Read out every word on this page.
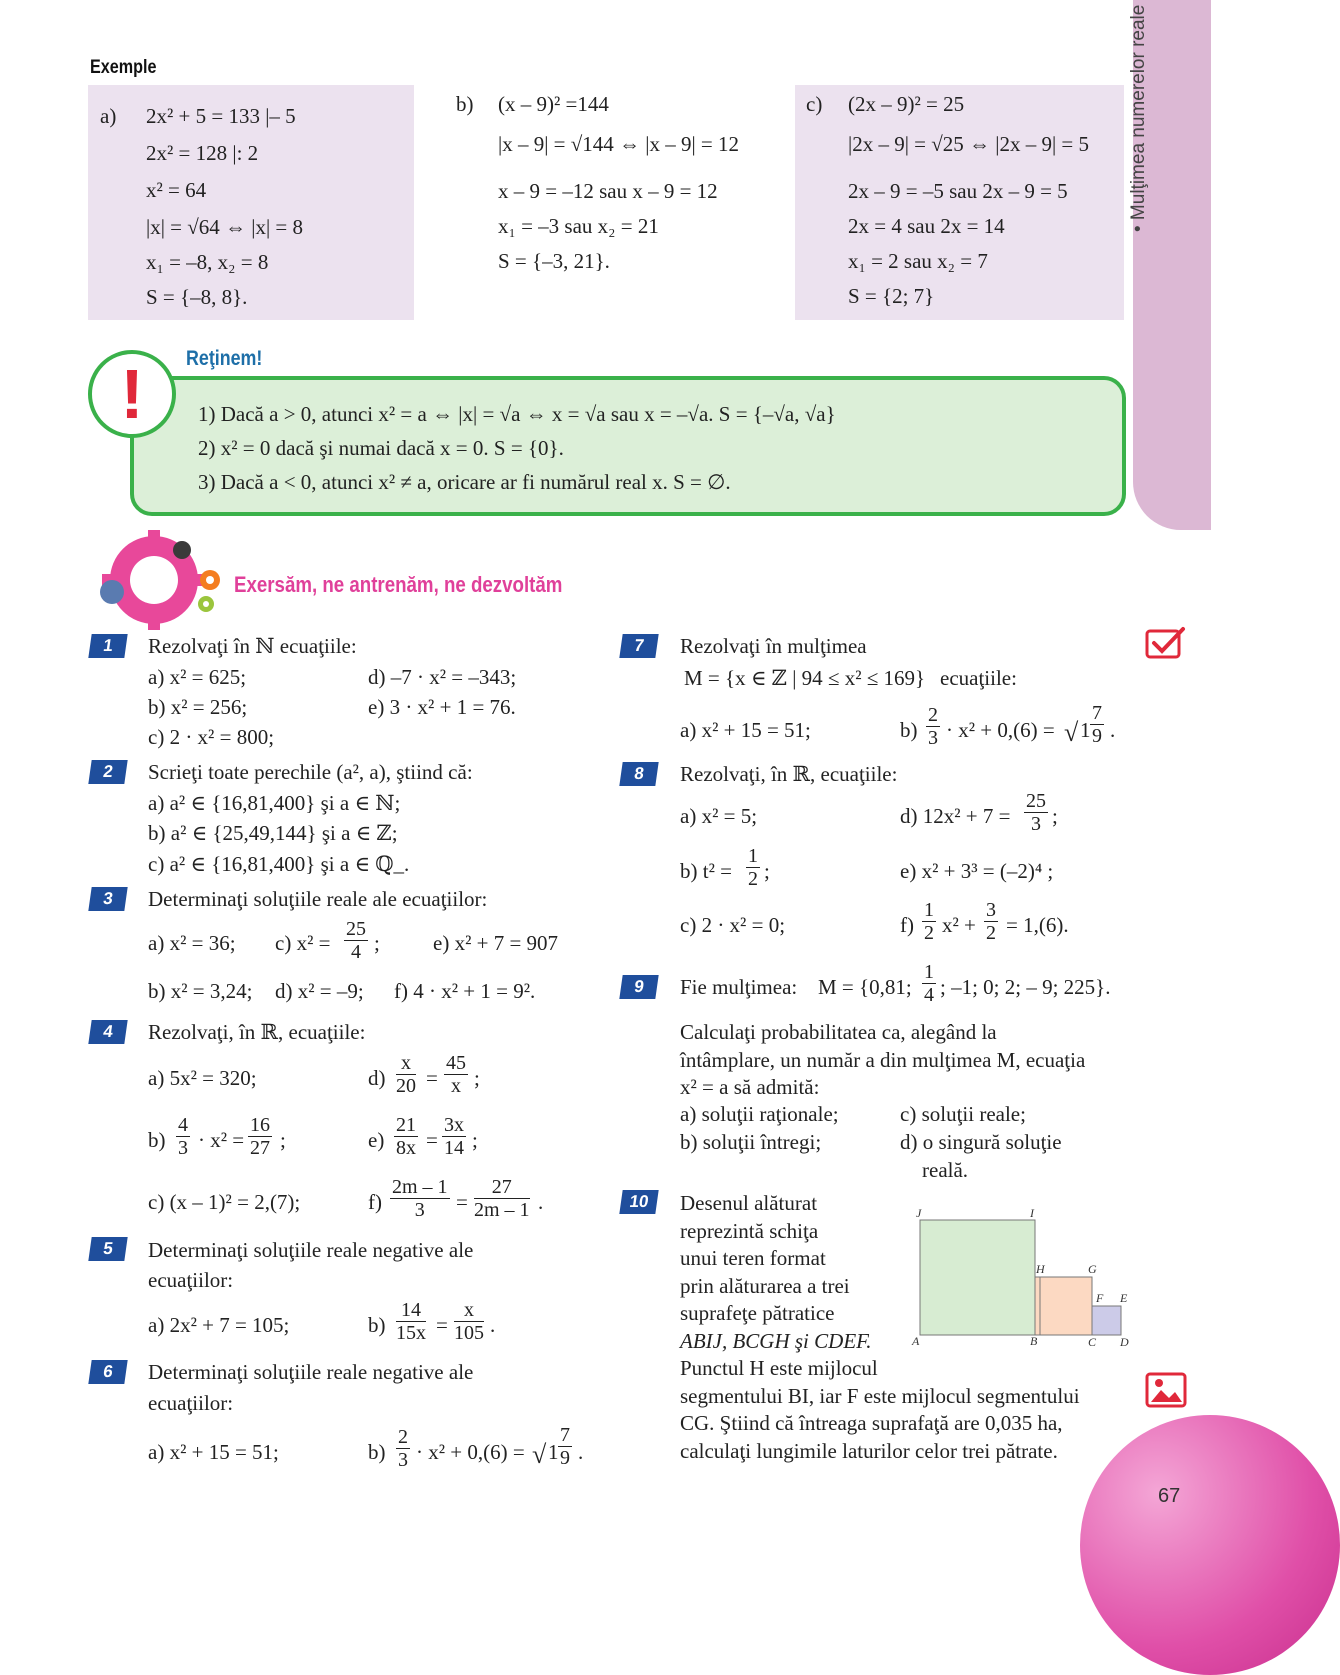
• Mulţimea numerelor reale
67
Exemple
a) 2x² + 5 = 133 |– 5
2x² = 128 |: 2
x² = 64
|x| = √64 ⇔ |x| = 8
x₁ = –8, x₂ = 8
S = {–8, 8}.
b) (x – 9)² =144
|x – 9| = √144 ⇔ |x – 9| = 12
x – 9 = –12 sau x – 9 = 12
x₁ = –3 sau x₂ = 21
S = {–3, 21}.
c) (2x – 9)² = 25
|2x – 9| = √25 ⇔ |2x – 9| = 5
2x – 9 = –5 sau 2x – 9 = 5
2x = 4 sau 2x = 14
x₁ = 2 sau x₂ = 7
S = {2; 7}
!	Reţinem!
1) Dacă a > 0, atunci x² = a ⇔ |x| = √a ⇔ x = √a sau x = –√a. S = {–√a, √a}
2) x² = 0 dacă şi numai dacă x = 0. S = {0}.
3) Dacă a < 0, atunci x² ≠ a, oricare ar fi numărul real x. S = ∅.
Exersăm, ne antrenăm, ne dezvoltăm
1	Rezolvaţi în ℕ ecuaţiile:
a) x² = 625;	d) –7 · x² = –343;
b) x² = 256;	e) 3 · x² + 1 = 76.
c) 2 · x² = 800;
2	Scrieţi toate perechile (a², a), ştiind că:
a) a² ∈ {16,81,400} şi a ∈ ℕ;
b) a² ∈ {25,49,144} şi a ∈ ℤ;
c) a² ∈ {16,81,400} şi a ∈ ℚ_.
3	Determinaţi soluţiile reale ale ecuaţiilor:
a) x² = 36; c) $x^2 = \frac{25}{4}$ ;	e) x² + 7 = 907
b) x² = 3,24; d) x² = –9; f) 4 · x² + 1 = 9².
4	Rezolvaţi, în ℝ, ecuaţiile:
a) 5x² = 320;	$d) \frac{x}{20} = \frac{45}{x}$ ;
$b) \frac{4}{3} \cdot x^2 = \frac{16}{27}$ ;	$e) \frac{21}{8x} = \frac{3x}{14}$ ;
c) (x – 1)² = 2,(7);	$f) \frac{2m - 1}{3} = \frac{27}{2m - 1}$ .
5	Determinaţi soluţiile reale negative ale
ecuaţiilor:
a) 2x² + 7 = 105;	$b) \frac{14}{15x} = \frac{x}{105}$ .
6	Determinaţi soluţiile reale negative ale
ecuaţiilor:
a) x² + 15 = 51;	$b) \frac{2}{3} \cdot x^2 + 0,(6)$ = √ $1 \frac{7}{9}$ .
7	Rezolvaţi în mulţimea
M = {x ∈ ℤ | 94 ≤ x² ≤ 169} ecuaţiile:
a) x² + 15 = 51;	$b) \frac{2}{3} \cdot x^2 + 0,(6)$ = √ $1 \frac{7}{9}$ .
8	Rezolvaţi, în ℝ, ecuaţiile:
a) x² = 5;	d) $12x^2 + 7 = \frac{25}{3}$ ;
b) $t^2 = \frac{1}{2}$ ;	e) x² + 3³ = (–2)⁴ ;
c) 2 · x² = 0;	$f) \frac{1}{2} x^2 + \frac{3}{2} = 1,(6)$.
9	Fie mulţimea: M = {0,81; $\frac{1}{4}$ ; –1; 0; 2; – 9; 225}.
Calculaţi probabilitatea ca, alegând la
întâmplare, un număr a din mulţimea M, ecuaţia
x² = a să admită:
a) soluţii raţionale;	c) soluţii reale;
b) soluţii întregi;	d) o singură soluţie
reală.
10	Desenul alăturat
reprezintă schiţa
unui teren format
prin alăturarea a trei
suprafeţe pătratice
ABIJ, BCGH şi CDEF.
Punctul H este mijlocul
segmentului BI, iar F este mijlocul segmentului
CG. Ştiind că întreaga suprafaţă are 0,035 ha,
calculaţi lungimile laturilor celor trei pătrate.
J	I
H
A	B
G
F E
C D
